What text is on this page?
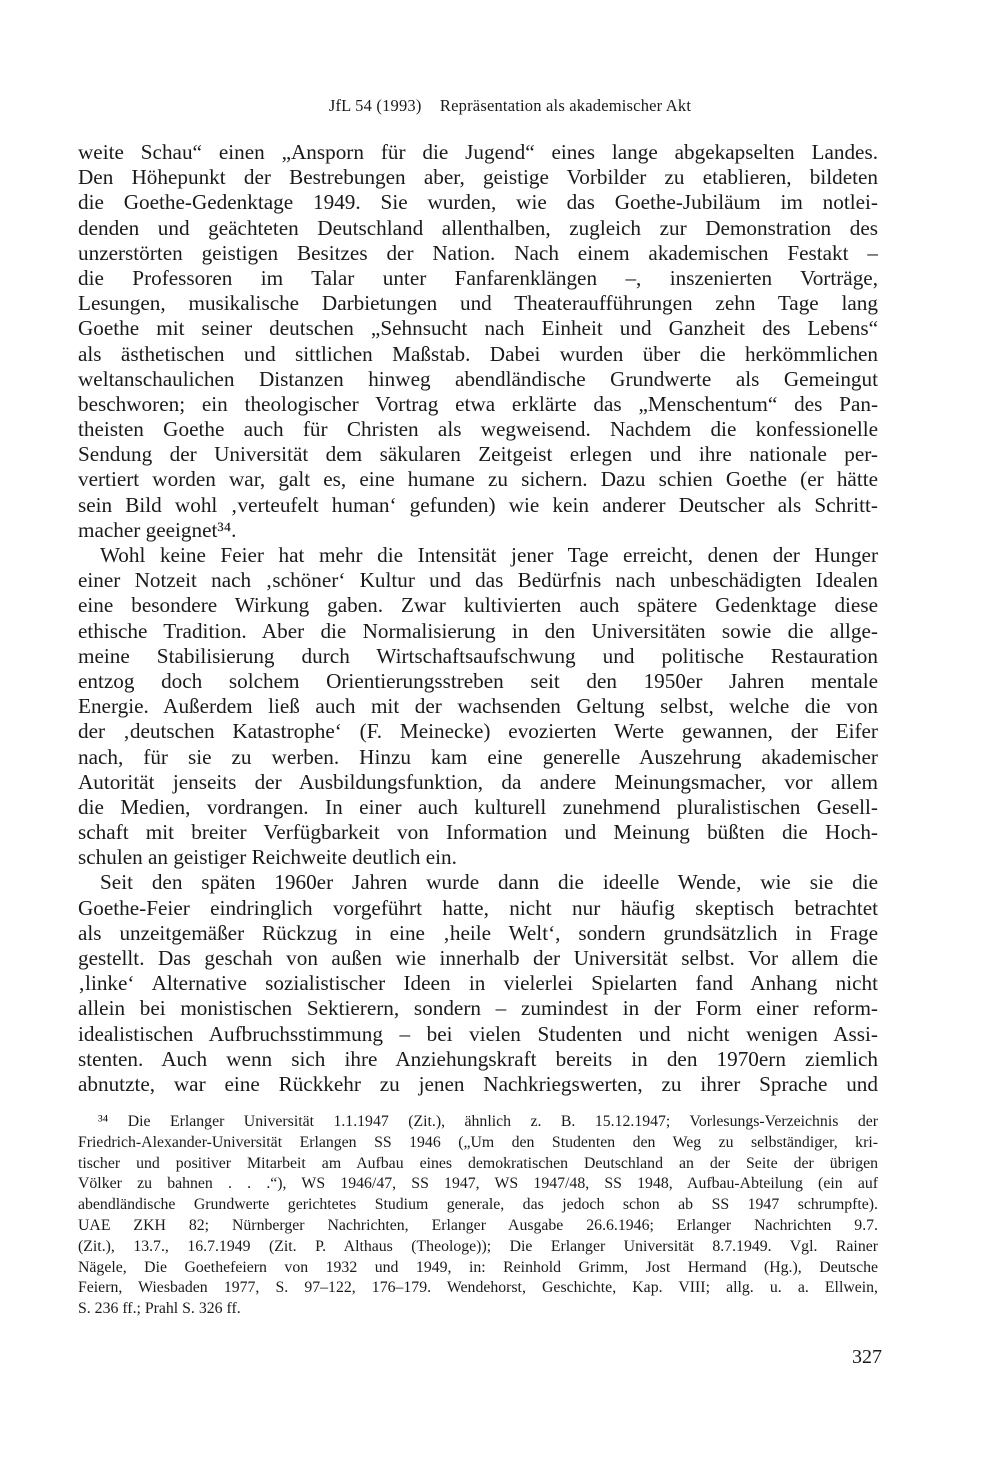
JfL 54 (1993) Repräsentation als akademischer Akt
weite Schau“ einen „Ansporn für die Jugend“ eines lange abgekapselten Landes.
Den Höhepunkt der Bestrebungen aber, geistige Vorbilder zu etablieren, bildeten
die Goethe-Gedenktage 1949. Sie wurden, wie das Goethe-Jubiläum im notlei-
denden und geächteten Deutschland allenthalben, zugleich zur Demonstration des
unzerstörten geistigen Besitzes der Nation. Nach einem akademischen Festakt –
die Professoren im Talar unter Fanfarenklängen –, inszenierten Vorträge,
Lesungen, musikalische Darbietungen und Theateraufführungen zehn Tage lang
Goethe mit seiner deutschen „Sehnsucht nach Einheit und Ganzheit des Lebens“
als ästhetischen und sittlichen Maßstab. Dabei wurden über die herkömmlichen
weltanschaulichen Distanzen hinweg abendländische Grundwerte als Gemeingut
beschworen; ein theologischer Vortrag etwa erklärte das „Menschentum“ des Pan-
theisten Goethe auch für Christen als wegweisend. Nachdem die konfessionelle
Sendung der Universität dem säkularen Zeitgeist erlegen und ihre nationale per-
vertiert worden war, galt es, eine humane zu sichern. Dazu schien Goethe (er hätte
sein Bild wohl ‚verteufelt human‘ gefunden) wie kein anderer Deutscher als Schritt-
macher geeignet³⁴.
Wohl keine Feier hat mehr die Intensität jener Tage erreicht, denen der Hunger
einer Notzeit nach ‚schöner‘ Kultur und das Bedürfnis nach unbeschädigten Idealen
eine besondere Wirkung gaben. Zwar kultivierten auch spätere Gedenktage diese
ethische Tradition. Aber die Normalisierung in den Universitäten sowie die allge-
meine Stabilisierung durch Wirtschaftsaufschwung und politische Restauration
entzog doch solchem Orientierungsstreben seit den 1950er Jahren mentale
Energie. Außerdem ließ auch mit der wachsenden Geltung selbst, welche die von
der ‚deutschen Katastrophe‘ (F. Meinecke) evozierten Werte gewannen, der Eifer
nach, für sie zu werben. Hinzu kam eine generelle Auszehrung akademischer
Autorität jenseits der Ausbildungsfunktion, da andere Meinungsmacher, vor allem
die Medien, vordrangen. In einer auch kulturell zunehmend pluralistischen Gesell-
schaft mit breiter Verfügbarkeit von Information und Meinung büßten die Hoch-
schulen an geistiger Reichweite deutlich ein.
Seit den späten 1960er Jahren wurde dann die ideelle Wende, wie sie die
Goethe-Feier eindringlich vorgeführt hatte, nicht nur häufig skeptisch betrachtet
als unzeitgemäßer Rückzug in eine ‚heile Welt‘, sondern grundsätzlich in Frage
gestellt. Das geschah von außen wie innerhalb der Universität selbst. Vor allem die
‚linke‘ Alternative sozialistischer Ideen in vielerlei Spielarten fand Anhang nicht
allein bei monistischen Sektierern, sondern – zumindest in der Form einer reform-
idealistischen Aufbruchsstimmung – bei vielen Studenten und nicht wenigen Assi-
stenten. Auch wenn sich ihre Anziehungskraft bereits in den 1970ern ziemlich
abnutzte, war eine Rückkehr zu jenen Nachkriegswerten, zu ihrer Sprache und
³⁴ Die Erlanger Universität 1.1.1947 (Zit.), ähnlich z. B. 15.12.1947; Vorlesungs-Verzeichnis der
Friedrich-Alexander-Universität Erlangen SS 1946 („Um den Studenten den Weg zu selbständiger, kri-
tischer und positiver Mitarbeit am Aufbau eines demokratischen Deutschland an der Seite der übrigen
Völker zu bahnen . . .“), WS 1946/47, SS 1947, WS 1947/48, SS 1948, Aufbau-Abteilung (ein auf
abendländische Grundwerte gerichtetes Studium generale, das jedoch schon ab SS 1947 schrumpfte).
UAE ZKH 82; Nürnberger Nachrichten, Erlanger Ausgabe 26.6.1946; Erlanger Nachrichten 9.7.
(Zit.), 13.7., 16.7.1949 (Zit. P. Althaus (Theologe)); Die Erlanger Universität 8.7.1949. Vgl. Rainer
Nägele, Die Goethefeiern von 1932 und 1949, in: Reinhold Grimm, Jost Hermand (Hg.), Deutsche
Feiern, Wiesbaden 1977, S. 97–122, 176–179. Wendehorst, Geschichte, Kap. VIII; allg. u. a. Ellwein,
S. 236 ff.; Prahl S. 326 ff.
327
